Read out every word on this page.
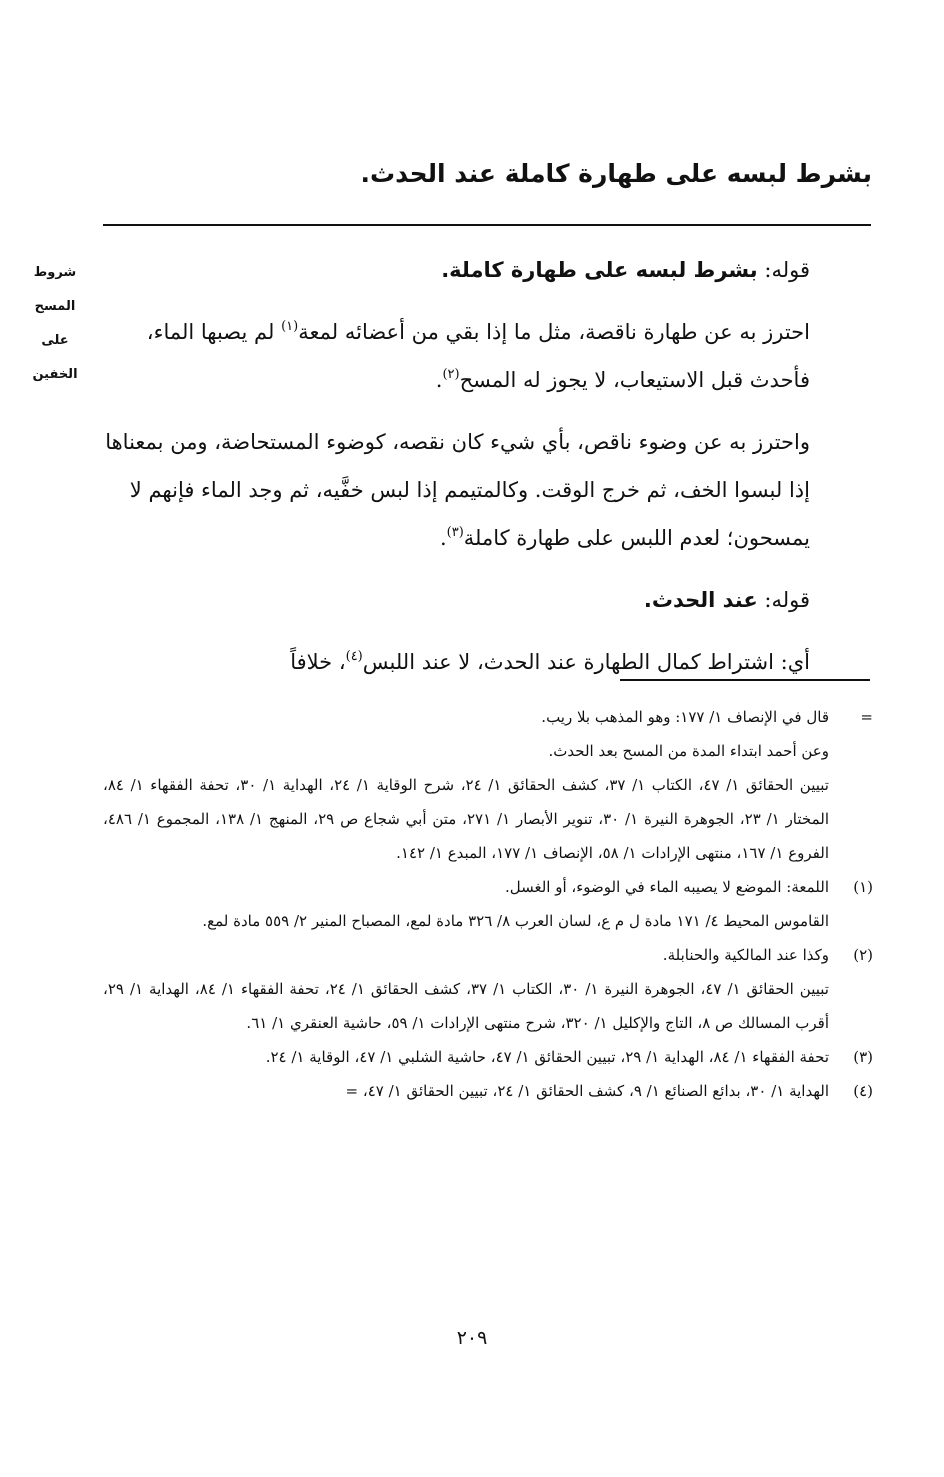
بشرط لبسه على طهارة كاملة عند الحدث.
شروط
المسح
على
الخفين

قوله: بشرط لبسه على طهارة كاملة.

احترز به عن طهارة ناقصة، مثل ما إذا بقي من أعضائه لمعة$^{(١)}$ لم يصبها الماء، فأحدث قبل الاستيعاب، لا يجوز له المسح$^{(٢)}$.

واحترز به عن وضوء ناقص، بأي شيء كان نقصه، كوضوء المستحاضة، ومن بمعناها إذا لبسوا الخف، ثم خرج الوقت. وكالمتيمم إذا لبس خفَّيه، ثم وجد الماء فإنهم لا يمسحون؛ لعدم اللبس على طهارة كاملة$^{(٣)}$.

قوله: عند الحدث.

أي: اشتراط كمال الطهارة عند الحدث، لا عند اللبس$^{(٤)}$، خلافاً

=

قال في الإنصاف ١/ ١٧٧: وهو المذهب بلا ريب.

وعن أحمد ابتداء المدة من المسح بعد الحدث.

تبيين الحقائق ١/ ٤٧، الكتاب ١/ ٣٧، كشف الحقائق ١/ ٢٤، شرح الوقاية ١/ ٢٤، الهداية ١/ ٣٠، تحفة الفقهاء ١/ ٨٤، المختار ١/ ٢٣، الجوهرة النيرة ١/ ٣٠، تنوير الأبصار ١/ ٢٧١، متن أبي شجاع ص ٢٩، المنهج ١/ ١٣٨، المجموع ١/ ٤٨٦، الفروع ١/ ١٦٧، منتهى الإرادات ١/ ٥٨، الإنصاف ١/ ١٧٧، المبدع ١/ ١٤٢.

(١)

اللمعة: الموضع لا يصيبه الماء في الوضوء، أو الغسل.

القاموس المحيط ٤/ ١٧١ مادة ل م ع، لسان العرب ٨/ ٣٢٦ مادة لمع، المصباح المنير ٢/ ٥٥٩ مادة لمع.

(٢)

وكذا عند المالكية والحنابلة.

تبيين الحقائق ١/ ٤٧، الجوهرة النيرة ١/ ٣٠، الكتاب ١/ ٣٧، كشف الحقائق ١/ ٢٤، تحفة الفقهاء ١/ ٨٤، الهداية ١/ ٢٩، أقرب المسالك ص ٨، التاج والإكليل ١/ ٣٢٠، شرح منتهى الإرادات ١/ ٥٩، حاشية العنقري ١/ ٦١.

(٣)

تحفة الفقهاء ١/ ٨٤، الهداية ١/ ٢٩، تبيين الحقائق ١/ ٤٧، حاشية الشلبي ١/ ٤٧، الوقاية ١/ ٢٤.

(٤)

الهداية ١/ ٣٠، بدائع الصنائع ١/ ٩، كشف الحقائق ١/ ٢٤، تبيين الحقائق ١/ ٤٧، =

٢٠٩
